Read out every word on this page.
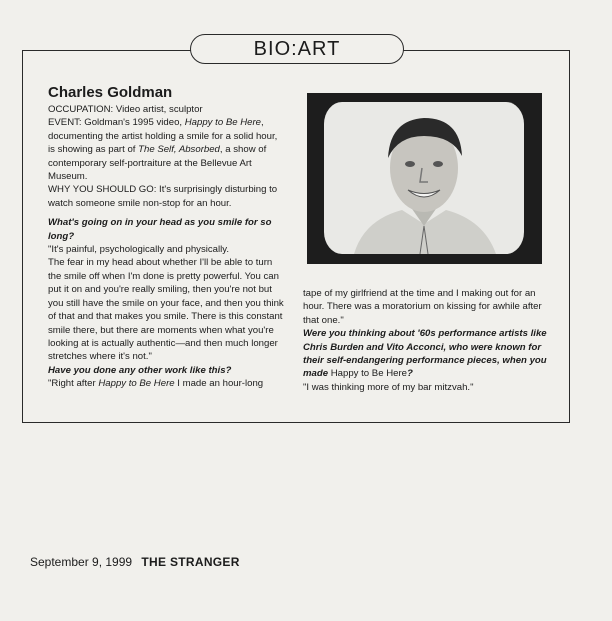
BIO:ART
Charles Goldman

OCCUPATION: Video artist, sculptor

EVENT: Goldman's 1995 video, Happy to Be Here, documenting the artist holding a smile for a solid hour, is showing as part of The Self, Absorbed, a show of contemporary self-portraiture at the Bellevue Art Museum.

WHY YOU SHOULD GO: It's surprisingly disturbing to watch someone smile non-stop for an hour.

What's going on in your head as you smile for so long?

"It's painful, psychologically and physically.

The fear in my head about whether I'll be able to turn the smile off when I'm done is pretty powerful. You can put it on and you're really smiling, then you're not but you still have the smile on your face, and then you think of that and that makes you smile. There is this constant smile there, but there are moments when what you're looking at is actually authentic—and then much longer stretches where it's not."

Have you done any other work like this?

"Right after Happy to Be Here I made an hour-long

tape of my girlfriend at the time and I making out for an hour. There was a moratorium on kissing for awhile after that one."

Were you thinking about '60s performance artists like Chris Burden and Vito Acconci, who were known for their self-endangering performance pieces, when you made Happy to Be Here?

"I was thinking more of my bar mitzvah."

September 9, 1999 THE STRANGER
